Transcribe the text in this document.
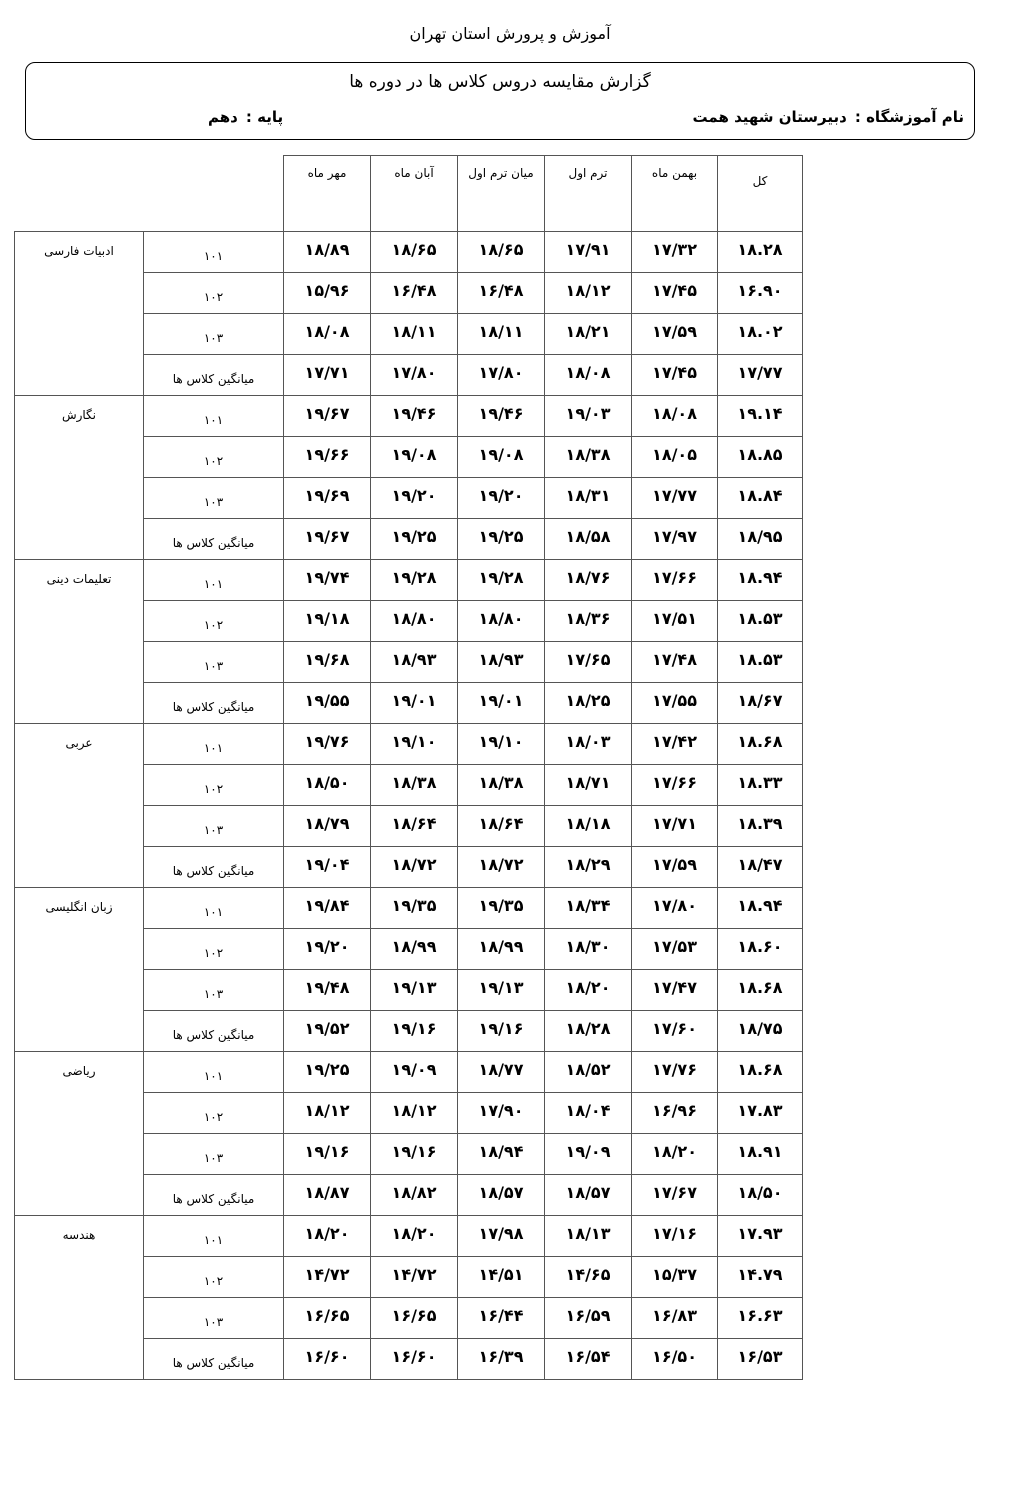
آموزش و پرورش استان تهران
گزارش مقایسه دروس کلاس ها در دوره ها
نام آموزشگاه :دبیرستان شهید همت
پایه :دهم
		مهر ماه	آبان ماه	میان ترم اول	ترم اول	بهمن ماه	کل
ادبیات فارسی	۱۰۱	۱۸/۸۹	۱۸/۶۵	۱۸/۶۵	۱۷/۹۱	۱۷/۳۲	۱۸.۲۸
	۱۰۲	۱۵/۹۶	۱۶/۴۸	۱۶/۴۸	۱۸/۱۲	۱۷/۴۵	۱۶.۹۰
	۱۰۳	۱۸/۰۸	۱۸/۱۱	۱۸/۱۱	۱۸/۲۱	۱۷/۵۹	۱۸.۰۲
	میانگین کلاس ها	۱۷/۷۱	۱۷/۸۰	۱۷/۸۰	۱۸/۰۸	۱۷/۴۵	۱۷/۷۷
نگارش	۱۰۱	۱۹/۶۷	۱۹/۴۶	۱۹/۴۶	۱۹/۰۳	۱۸/۰۸	۱۹.۱۴
	۱۰۲	۱۹/۶۶	۱۹/۰۸	۱۹/۰۸	۱۸/۳۸	۱۸/۰۵	۱۸.۸۵
	۱۰۳	۱۹/۶۹	۱۹/۲۰	۱۹/۲۰	۱۸/۳۱	۱۷/۷۷	۱۸.۸۴
	میانگین کلاس ها	۱۹/۶۷	۱۹/۲۵	۱۹/۲۵	۱۸/۵۸	۱۷/۹۷	۱۸/۹۵
تعلیمات دینی	۱۰۱	۱۹/۷۴	۱۹/۲۸	۱۹/۲۸	۱۸/۷۶	۱۷/۶۶	۱۸.۹۴
	۱۰۲	۱۹/۱۸	۱۸/۸۰	۱۸/۸۰	۱۸/۳۶	۱۷/۵۱	۱۸.۵۳
	۱۰۳	۱۹/۶۸	۱۸/۹۳	۱۸/۹۳	۱۷/۶۵	۱۷/۴۸	۱۸.۵۳
	میانگین کلاس ها	۱۹/۵۵	۱۹/۰۱	۱۹/۰۱	۱۸/۲۵	۱۷/۵۵	۱۸/۶۷
عربی	۱۰۱	۱۹/۷۶	۱۹/۱۰	۱۹/۱۰	۱۸/۰۳	۱۷/۴۲	۱۸.۶۸
	۱۰۲	۱۸/۵۰	۱۸/۳۸	۱۸/۳۸	۱۸/۷۱	۱۷/۶۶	۱۸.۳۳
	۱۰۳	۱۸/۷۹	۱۸/۶۴	۱۸/۶۴	۱۸/۱۸	۱۷/۷۱	۱۸.۳۹
	میانگین کلاس ها	۱۹/۰۴	۱۸/۷۲	۱۸/۷۲	۱۸/۲۹	۱۷/۵۹	۱۸/۴۷
زبان انگلیسی	۱۰۱	۱۹/۸۴	۱۹/۳۵	۱۹/۳۵	۱۸/۳۴	۱۷/۸۰	۱۸.۹۴
	۱۰۲	۱۹/۲۰	۱۸/۹۹	۱۸/۹۹	۱۸/۳۰	۱۷/۵۳	۱۸.۶۰
	۱۰۳	۱۹/۴۸	۱۹/۱۳	۱۹/۱۳	۱۸/۲۰	۱۷/۴۷	۱۸.۶۸
	میانگین کلاس ها	۱۹/۵۲	۱۹/۱۶	۱۹/۱۶	۱۸/۲۸	۱۷/۶۰	۱۸/۷۵
ریاضی	۱۰۱	۱۹/۲۵	۱۹/۰۹	۱۸/۷۷	۱۸/۵۲	۱۷/۷۶	۱۸.۶۸
	۱۰۲	۱۸/۱۲	۱۸/۱۲	۱۷/۹۰	۱۸/۰۴	۱۶/۹۶	۱۷.۸۳
	۱۰۳	۱۹/۱۶	۱۹/۱۶	۱۸/۹۴	۱۹/۰۹	۱۸/۲۰	۱۸.۹۱
	میانگین کلاس ها	۱۸/۸۷	۱۸/۸۲	۱۸/۵۷	۱۸/۵۷	۱۷/۶۷	۱۸/۵۰
هندسه	۱۰۱	۱۸/۲۰	۱۸/۲۰	۱۷/۹۸	۱۸/۱۳	۱۷/۱۶	۱۷.۹۳
	۱۰۲	۱۴/۷۲	۱۴/۷۲	۱۴/۵۱	۱۴/۶۵	۱۵/۳۷	۱۴.۷۹
	۱۰۳	۱۶/۶۵	۱۶/۶۵	۱۶/۴۴	۱۶/۵۹	۱۶/۸۳	۱۶.۶۳
	میانگین کلاس ها	۱۶/۶۰	۱۶/۶۰	۱۶/۳۹	۱۶/۵۴	۱۶/۵۰	۱۶/۵۳
